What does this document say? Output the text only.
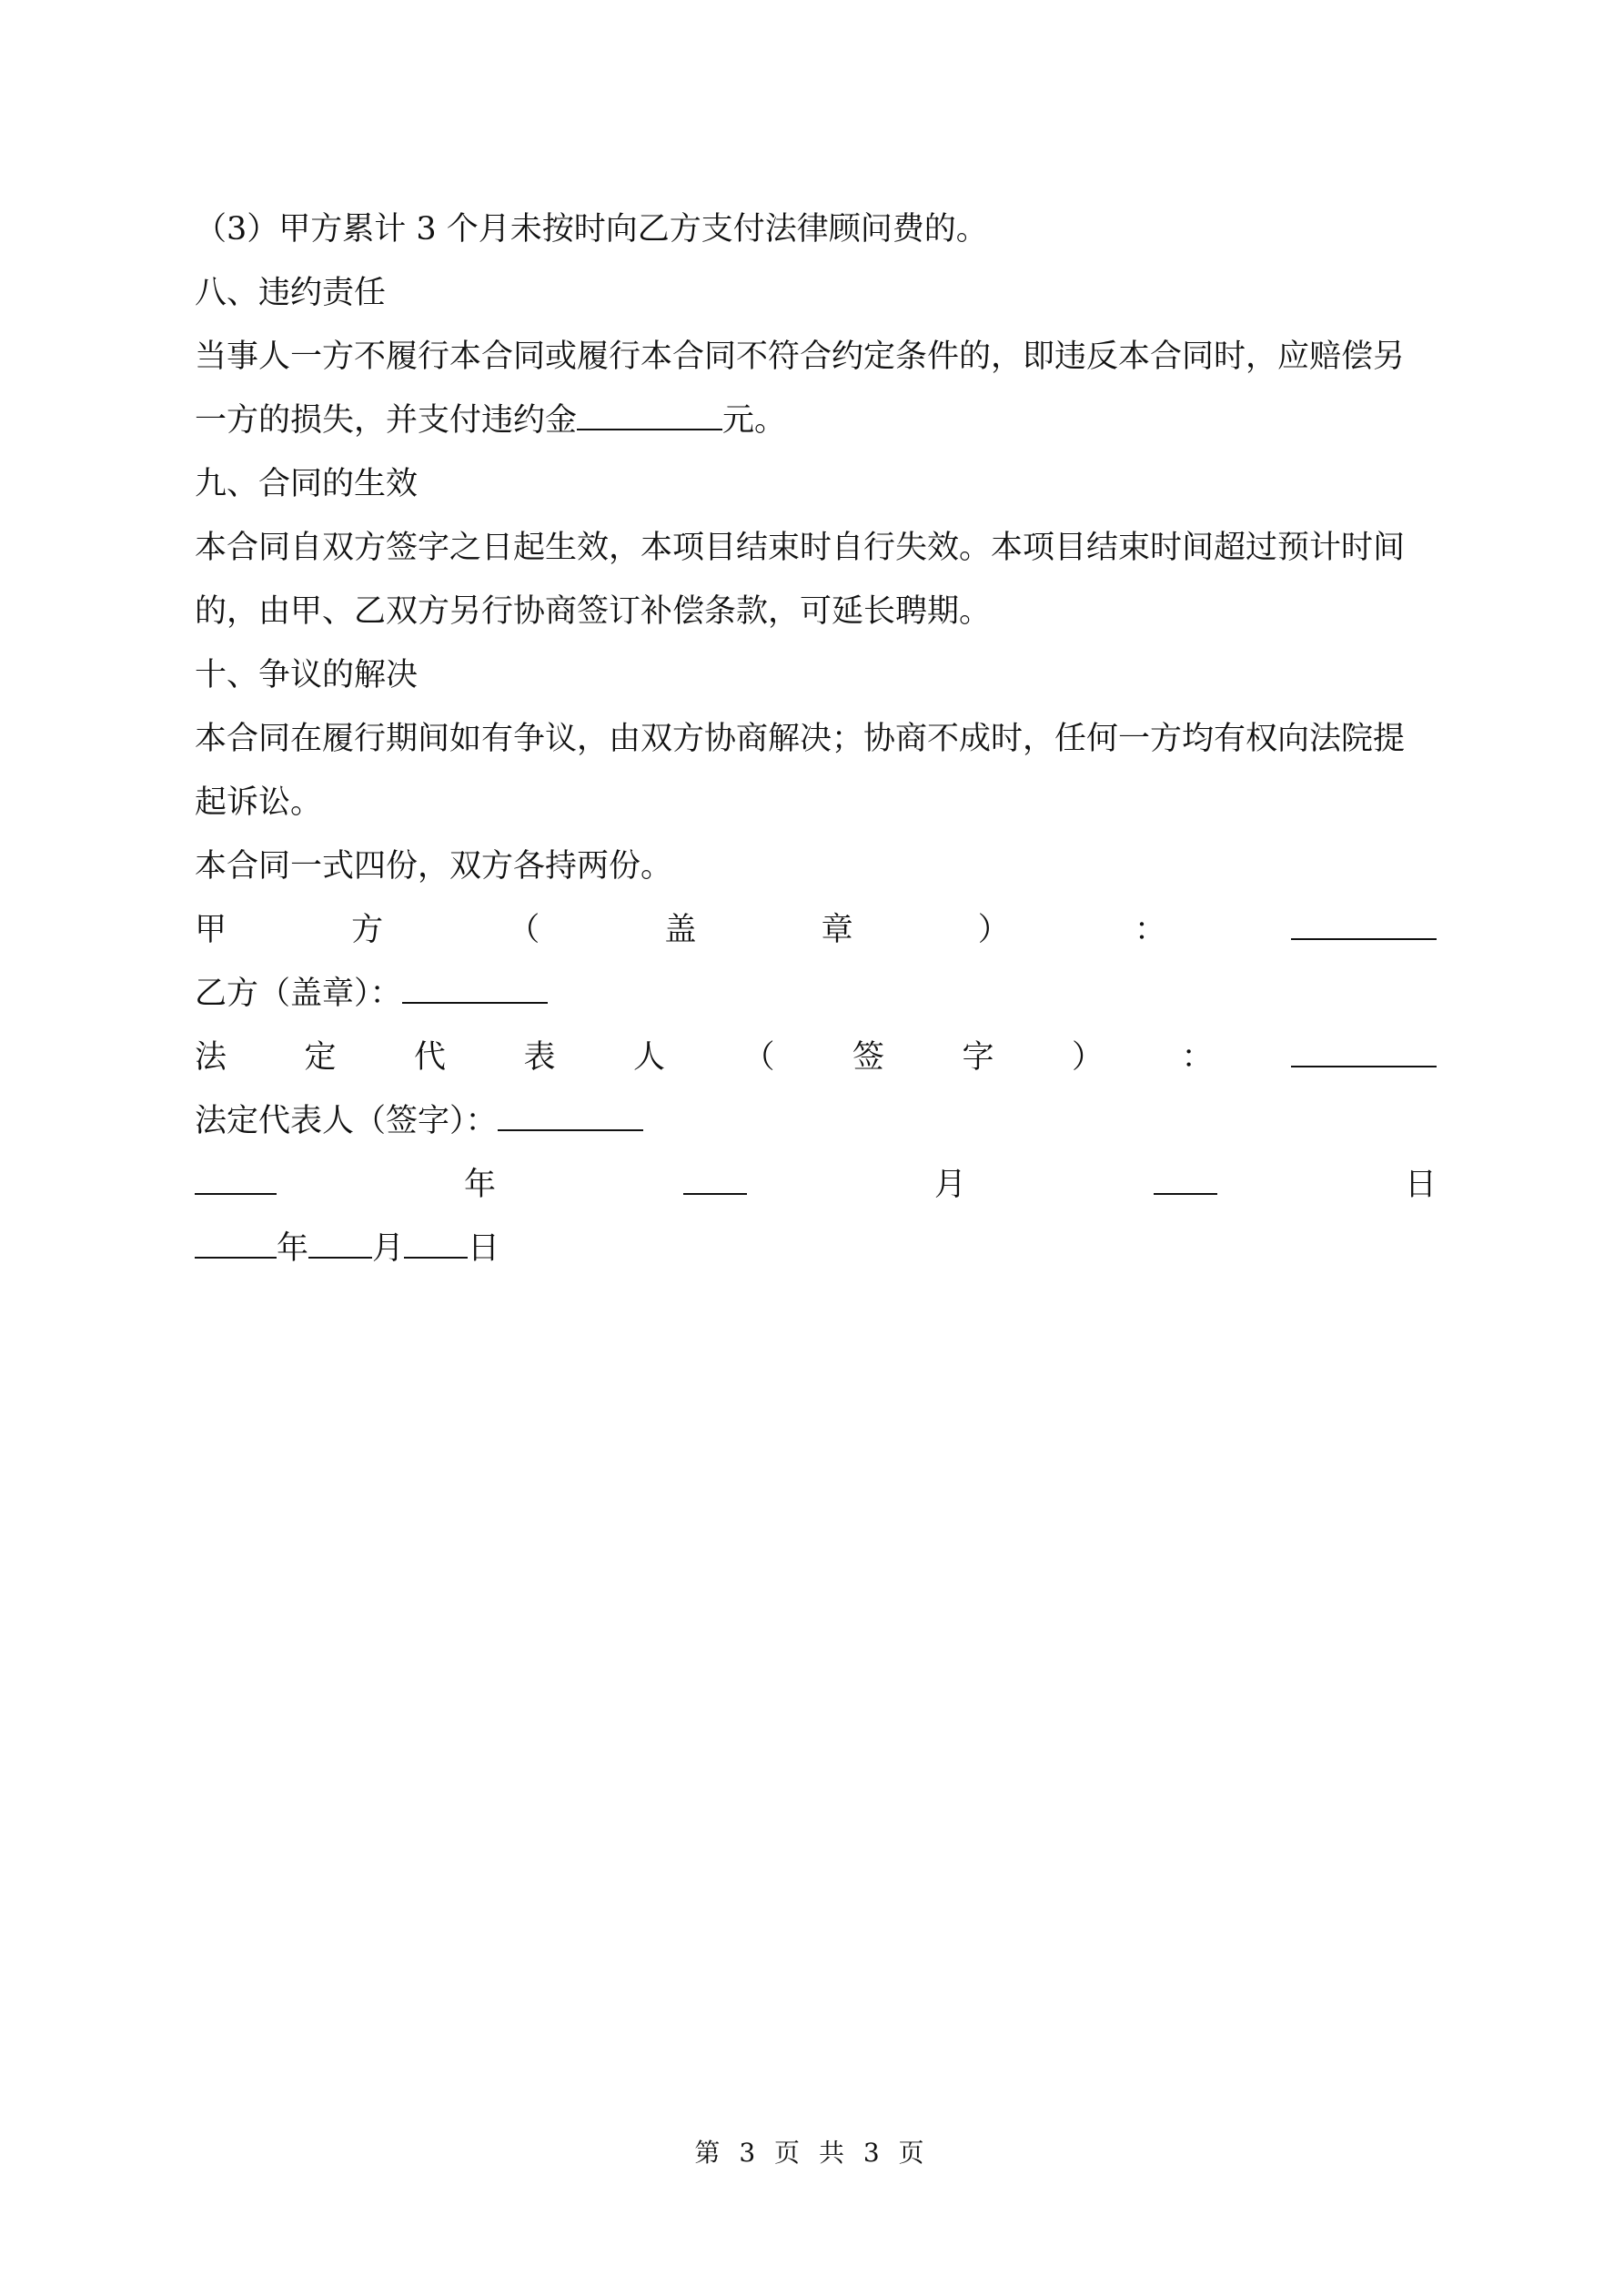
（3）甲方累计 3 个月未按时向乙方支付法律顾问费的。
八、违约责任
当事人一方不履行本合同或履行本合同不符合约定条件的，即违反本合同时，应赔偿另
一方的损失，并支付违约金	元。
九、合同的生效
本合同自双方签字之日起生效，本项目结束时自行失效。本项目结束时间超过预计时间
的，由甲、乙双方另行协商签订补偿条款，可延长聘期。
十、争议的解决
本合同在履行期间如有争议，由双方协商解决；协商不成时，任何一方均有权向法院提
起诉讼。
本合同一式四份，双方各持两份。
甲	方	（	盖	章	）	：
乙方（盖章）：
法 定 代 表 人 （ 签 字 ） ：
法定代表人（签字）：
年	月	日
年 月 日
第 3 页 共 3 页
